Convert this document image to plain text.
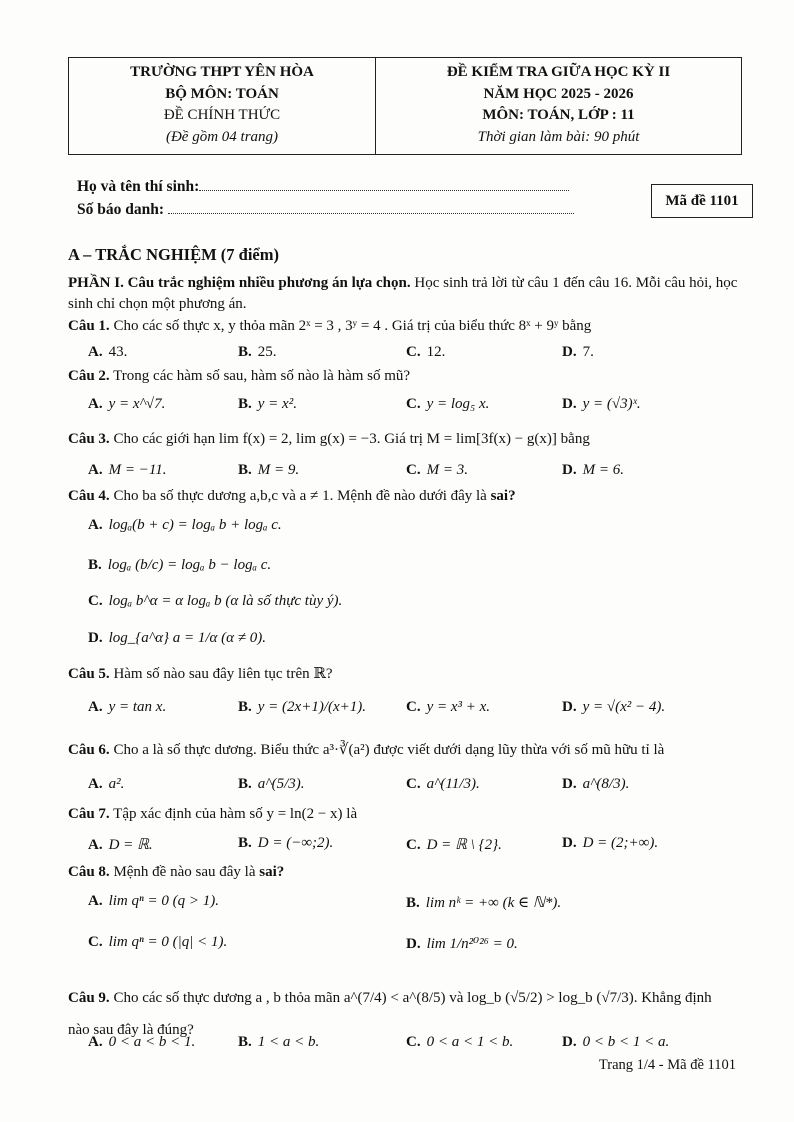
TRƯỜNG THPT YÊN HÒA
BỘ MÔN: TOÁN
ĐỀ CHÍNH THỨC
(Đề gồm 04 trang)
ĐỀ KIỂM TRA GIỮA HỌC KỲ II
NĂM HỌC 2025 - 2026
MÔN: TOÁN, LỚP : 11
Thời gian làm bài: 90 phút
Họ và tên thí sinh:
Số báo danh:
Mã đề 1101
A – TRẮC NGHIỆM (7 điểm)
PHẦN I. Câu trắc nghiệm nhiều phương án lựa chọn. Học sinh trả lời từ câu 1 đến câu 16. Mỗi câu hỏi, học sinh chỉ chọn một phương án.
Câu 1. Cho các số thực x, y thỏa mãn 2ˣ = 3 , 3ʸ = 4 . Giá trị của biểu thức 8ˣ + 9ʸ bằng
A. 43.	B. 25.	C. 12.	D. 7.
Câu 2. Trong các hàm số sau, hàm số nào là hàm số mũ?
A. y = x^√7.	B. y = x².	C. y = log₅ x.	D. y = (√3)ˣ.
Câu 3. Cho các giới hạn lim f(x) = 2, lim g(x) = −3. Giá trị M = lim[3f(x) − g(x)] bằng
A. M = −11.	B. M = 9.	C. M = 3.	D. M = 6.
Câu 4. Cho ba số thực dương a,b,c và a ≠ 1. Mệnh đề nào dưới đây là sai?
A. logₐ(b + c) = logₐ b + logₐ c.
B. logₐ (b/c) = logₐ b − logₐ c.
C. logₐ b^α = α logₐ b (α là số thực tùy ý).
D. log_{a^α} a = 1/α (α ≠ 0).
Câu 5. Hàm số nào sau đây liên tục trên ℝ?
A. y = tan x.	B. y = (2x+1)/(x+1).	C. y = x³ + x.	D. y = √(x² − 4).
Câu 6. Cho a là số thực dương. Biểu thức a³·∛(a²) được viết dưới dạng lũy thừa với số mũ hữu tỉ là
A. a².	B. a^(5/3).	C. a^(11/3).	D. a^(8/3).
Câu 7. Tập xác định của hàm số y = ln(2 − x) là
A. D = ℝ.	B. D = (−∞;2).	C. D = ℝ \ {2}.	D. D = (2;+∞).
Câu 8. Mệnh đề nào sau đây là sai?
A. lim qⁿ = 0 (q > 1).	B. lim nᵏ = +∞ (k ∈ ℕ*).
C. lim qⁿ = 0 (|q| < 1).	D. lim 1/n²⁰²⁶ = 0.
Câu 9. Cho các số thực dương a , b thỏa mãn a^(7/4) < a^(8/5) và log_b (√5/2) > log_b (√7/3). Khẳng định nào sau đây là đúng?
A. 0 < a < b < 1.	B. 1 < a < b.	C. 0 < a < 1 < b.	D. 0 < b < 1 < a.
Trang 1/4 - Mã đề 1101
